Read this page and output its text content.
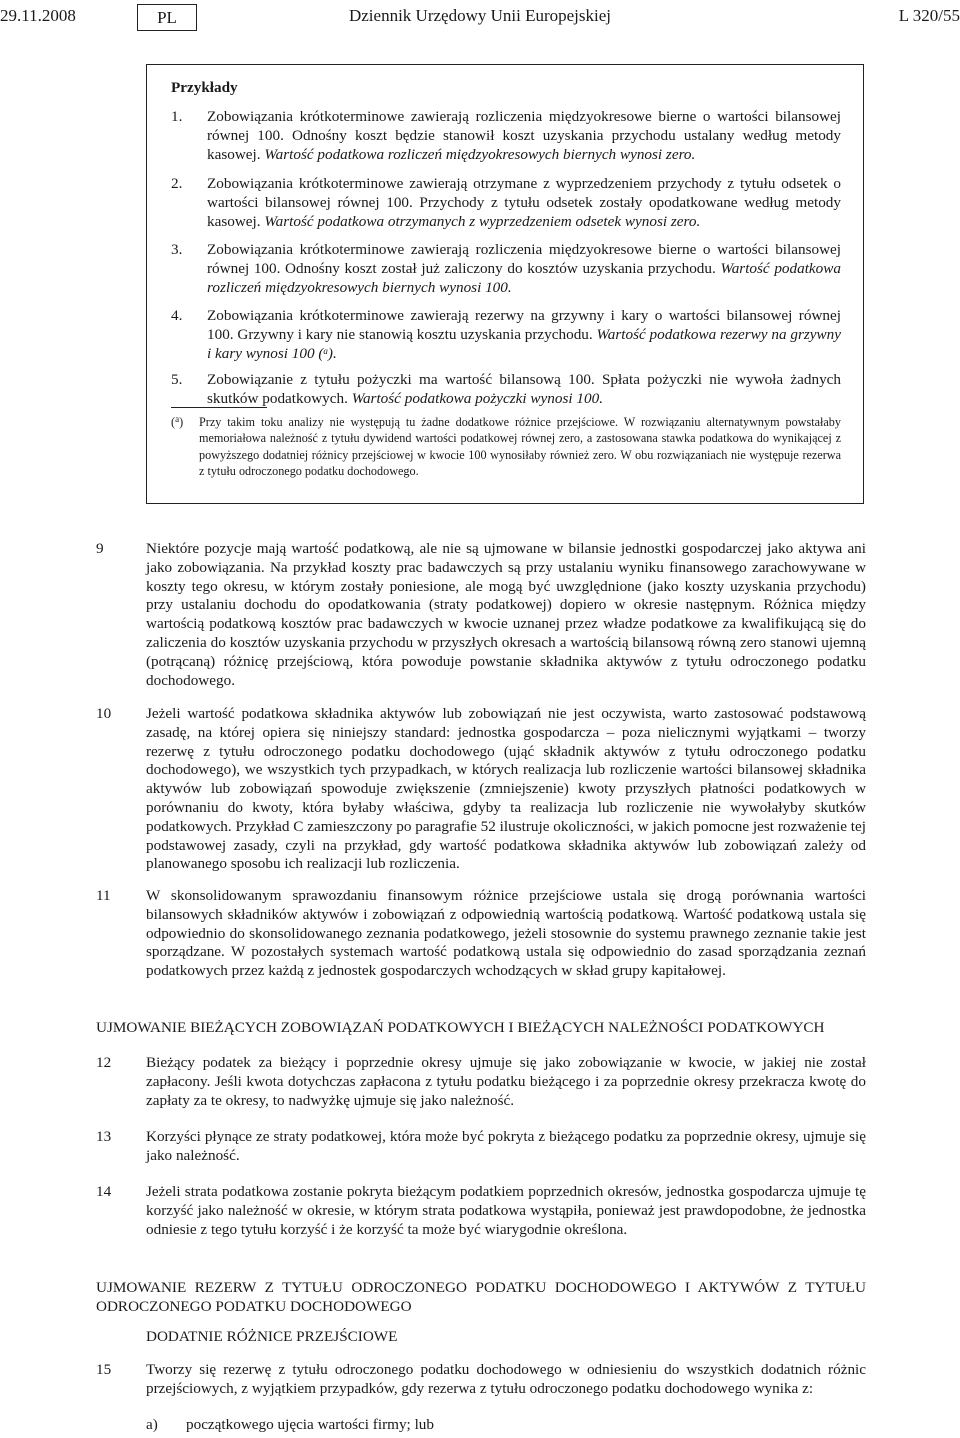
29.11.2008	Dziennik Urzędowy Unii Europejskiej
PL	L 320/55
Przykłady
1. Zobowiązania krótkoterminowe zawierają rozliczenia międzyokresowe bierne o wartości bilansowej równej 100. Odnośny koszt będzie stanowił koszt uzyskania przychodu ustalany według metody kasowej. Wartość podatkowa rozliczeń międzyokresowych biernych wynosi zero.
2. Zobowiązania krótkoterminowe zawierają otrzymane z wyprzedzeniem przychody z tytułu odsetek o wartości bilansowej równej 100. Przychody z tytułu odsetek zostały opodatkowane według metody kasowej. Wartość podatkowa otrzymanych z wyprzedzeniem odsetek wynosi zero.
3. Zobowiązania krótkoterminowe zawierają rozliczenia międzyokresowe bierne o wartości bilansowej równej 100. Odnośny koszt został już zaliczony do kosztów uzyskania przychodu. Wartość podatkowa rozliczeń międzyokresowych biernych wynosi 100.
4. Zobowiązania krótkoterminowe zawierają rezerwy na grzywny i kary o wartości bilansowej równej 100. Grzywny i kary nie stanowią kosztu uzyskania przychodu. Wartość podatkowa rezerwy na grzywny i kary wynosi 100 ($^a$).
5. Zobowiązanie z tytułu pożyczki ma wartość bilansową 100. Spłata pożyczki nie wywoła żadnych skutków podatkowych. Wartość podatkowa pożyczki wynosi 100.
($^a$) Przy takim toku analizy nie występują tu żadne dodatkowe różnice przejściowe. W rozwiązaniu alternatywnym powstałaby memoriałowa należność z tytułu dywidend wartości podatkowej równej zero, a zastosowana stawka podatkowa do wynikającej z powyższego dodatniej różnicy przejściowej w kwocie 100 wynosiłaby również zero. W obu rozwiązaniach nie występuje rezerwa z tytułu odroczonego podatku dochodowego.
9	Niektóre pozycje mają wartość podatkową, ale nie są ujmowane w bilansie jednostki gospodarczej jako aktywa ani jako zobowiązania. Na przykład koszty prac badawczych są przy ustalaniu wyniku finansowego zarachowywane w koszty tego okresu, w którym zostały poniesione, ale mogą być uwzględnione (jako koszty uzyskania przychodu) przy ustalaniu dochodu do opodatkowania (straty podatkowej) dopiero w okresie następnym. Różnica między wartością podatkową kosztów prac badawczych w kwocie uznanej przez władze podatkowe za kwalifikującą się do zaliczenia do kosztów uzyskania przychodu w przyszłych okresach a wartością bilansową równą zero stanowi ujemną (potrącaną) różnicę przejściową, która powoduje powstanie składnika aktywów z tytułu odroczonego podatku dochodowego.
10 Jeżeli wartość podatkowa składnika aktywów lub zobowiązań nie jest oczywista, warto zastosować podstawową zasadę, na której opiera się niniejszy standard: jednostka gospodarcza – poza nielicznymi wyjątkami – tworzy rezerwę z tytułu odroczonego podatku dochodowego (ująć składnik aktywów z tytułu odroczonego podatku dochodowego), we wszystkich tych przypadkach, w których realizacja lub rozliczenie wartości bilansowej składnika aktywów lub zobowiązań spowoduje zwiększenie (zmniejszenie) kwoty przyszłych płatności podatkowych w porównaniu do kwoty, która byłaby właściwa, gdyby ta realizacja lub rozliczenie nie wywołałyby skutków podatkowych. Przykład C zamieszczony po paragrafie 52 ilustruje okoliczności, w jakich pomocne jest rozważenie tej podstawowej zasady, czyli na przykład, gdy wartość podatkowa składnika aktywów lub zobowiązań zależy od planowanego sposobu ich realizacji lub rozliczenia.
11 W skonsolidowanym sprawozdaniu finansowym różnice przejściowe ustala się drogą porównania wartości bilansowych składników aktywów i zobowiązań z odpowiednią wartością podatkową. Wartość podatkową ustala się odpowiednio do skonsolidowanego zeznania podatkowego, jeżeli stosownie do systemu prawnego zeznanie takie jest sporządzane. W pozostałych systemach wartość podatkową ustala się odpowiednio do zasad sporządzania zeznań podatkowych przez każdą z jednostek gospodarczych wchodzących w skład grupy kapitałowej.
UJMOWANIE BIEŻĄCYCH ZOBOWIĄZAŃ PODATKOWYCH I BIEŻĄCYCH NALEŻNOŚCI PODATKOWYCH
12 Bieżący podatek za bieżący i poprzednie okresy ujmuje się jako zobowiązanie w kwocie, w jakiej nie został zapłacony. Jeśli kwota dotychczas zapłacona z tytułu podatku bieżącego i za poprzednie okresy przekracza kwotę do zapłaty za te okresy, to nadwyżkę ujmuje się jako należność.
13 Korzyści płynące ze straty podatkowej, która może być pokryta z bieżącego podatku za poprzednie okresy, ujmuje się jako należność.
14 Jeżeli strata podatkowa zostanie pokryta bieżącym podatkiem poprzednich okresów, jednostka gospodarcza ujmuje tę korzyść jako należność w okresie, w którym strata podatkowa wystąpiła, ponieważ jest prawdopodobne, że jednostka odniesie z tego tytułu korzyść i że korzyść ta może być wiarygodnie określona.
UJMOWANIE REZERW Z TYTUŁU ODROCZONEGO PODATKU DOCHODOWEGO I AKTYWÓW Z TYTUŁU ODROCZONEGO PODATKU DOCHODOWEGO
DODATNIE RÓŻNICE PRZEJŚCIOWE
15 Tworzy się rezerwę z tytułu odroczonego podatku dochodowego w odniesieniu do wszystkich dodatnich różnic przejściowych, z wyjątkiem przypadków, gdy rezerwa z tytułu odroczonego podatku dochodowego wynika z:
a) początkowego ujęcia wartości firmy; lub
